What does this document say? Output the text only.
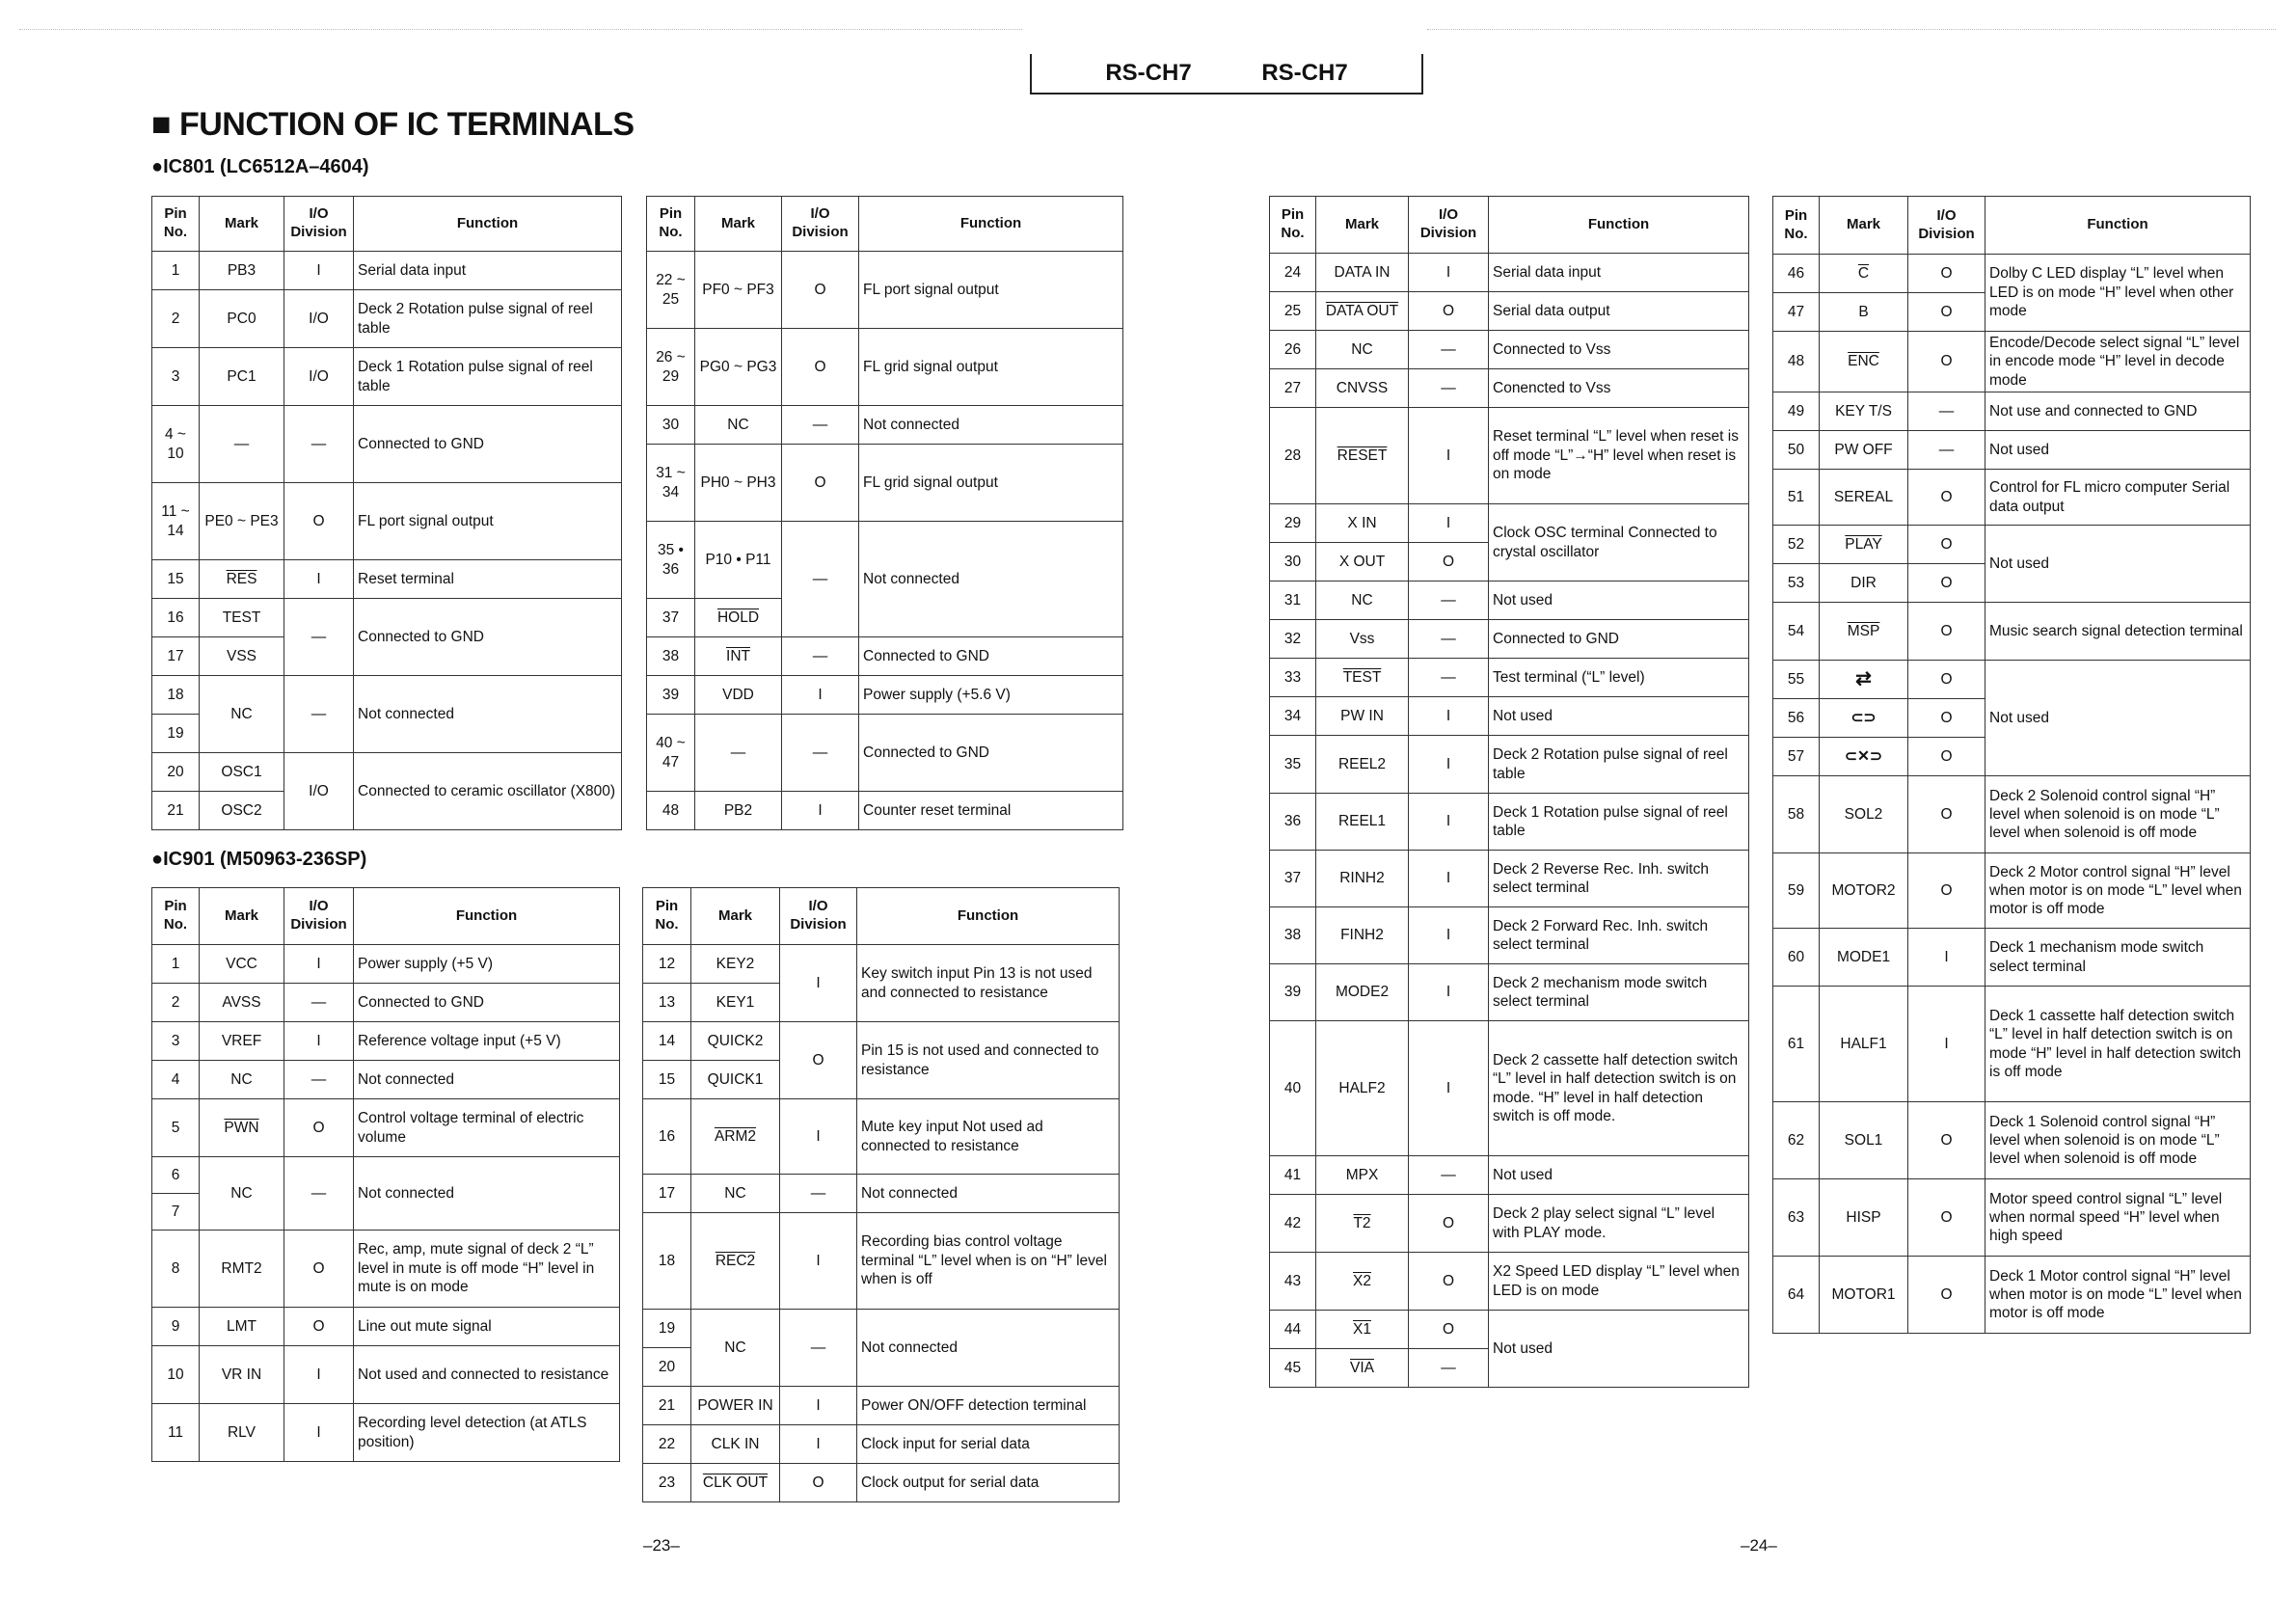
RS-CH7	RS-CH7
■ FUNCTION OF IC TERMINALS
●IC801 (LC6512A–4604)
●IC901 (M50963-236SP)
Pin No.	Mark	I/O Division	Function
1	PB3	I	Serial data input
2	PC0	I/O	Deck 2 Rotation pulse signal of reel table
3	PC1	I/O	Deck 1 Rotation pulse signal of reel table
4 ~ 10	—	—	Connected to GND
11 ~ 14	PE0 ~ PE3	O	FL port signal output
15	$\overline{RES}$	I	Reset terminal
16	TEST	—	Connected to GND
17	VSS		
18	NC	—	Not connected
19			
20	OSC1	I/O	Connected to ceramic oscillator (X800)
21	OSC2		
Pin No.	Mark	I/O Division	Function
22 ~ 25	PF0 ~ PF3	O	FL port signal output
26 ~ 29	PG0 ~ PG3	O	FL grid signal output
30	NC	—	Not connected
31 ~ 34	PH0 ~ PH3	O	FL grid signal output
35 • 36	P10 • P11	—	Not connected
37	HOLD		
38	$\overline{INT}$	—	Connected to GND
39	VDD	I	Power supply (+5.6 V)
40 ~ 47	—	—	Connected to GND
48	PB2	I	Counter reset terminal
Pin No.	Mark	I/O Division	Function
1	VCC	I	Power supply (+5 V)
2	AVSS	—	Connected to GND
3	VREF	I	Reference voltage input (+5 V)
4	NC	—	Not connected
5	$\overline{PWN}$	O	Control voltage terminal of electric volume
6	NC	—	Not connected
7			
8	RMT2	O	Rec, amp, mute signal of deck 2 “L” level in mute is off mode “H” level in mute is on mode
9	LMT	O	Line out mute signal
10	VR IN	I	Not used and connected to resistance
11	RLV	I	Recording level detection (at ATLS position)
Pin No.	Mark	I/O Division	Function
12	KEY2	I	Key switch input Pin 13 is not used and connected to resistance
13	KEY1		
14	QUICK2	O	Pin 15 is not used and connected to resistance
15	QUICK1		
16	ARM2	I	Mute key input Not used ad connected to resistance
17	NC	—	Not connected
18	REC2	I	Recording bias control voltage terminal “L” level when is on “H” level when is off
19	NC	—	Not connected
20			
21	POWER IN	I	Power ON/OFF detection terminal
22	CLK IN	I	Clock input for serial data
23	CLK OUT	O	Clock output for serial data
Pin No.	Mark	I/O Division	Function
24	DATA IN	I	Serial data input
25	DATA OUT	O	Serial data output
26	NC	—	Connected to Vss
27	CNVSS	—	Conencted to Vss
28	RESET	I	Reset terminal “L” level when reset is off mode “L”→“H” level when reset is on mode
29	X IN	I	Clock OSC terminal Connected to crystal oscillator
30	X OUT	O	
31	NC	—	Not used
32	Vss	—	Connected to GND
33	TEST	—	Test terminal (“L” level)
34	PW IN	I	Not used
35	REEL2	I	Deck 2 Rotation pulse signal of reel table
36	REEL1	I	Deck 1 Rotation pulse signal of reel table
37	RINH2	I	Deck 2 Reverse Rec. Inh. switch select terminal
38	FINH2	I	Deck 2 Forward Rec. Inh. switch select terminal
39	MODE2	I	Deck 2 mechanism mode switch select terminal
40	HALF2	I	Deck 2 cassette half detection switch “L” level in half detection switch is on mode. “H” level in half detection switch is off mode.
41	MPX	—	Not used
42	T2	O	Deck 2 play select signal “L” level with PLAY mode.
43	X2	O	X2 Speed LED display “L” level when LED is on mode
44	X1	O	Not used
45	$\overline{VIA}$	—	
Pin No.	Mark	I/O Division	Function
46	$\overline{C}$	O	Dolby C LED display “L” level when LED is on mode “H” level when other mode
47	B	O	
48	$\overline{ENC}$	O	Encode/Decode select signal “L” level in encode mode “H” level in decode mode
49	KEY T/S	—	Not use and connected to GND
50	PW OFF	—	Not used
51	SEREAL	O	Control for FL micro computer Serial data output
52	PLAY	O	Not used
53	DIR	O	
54	$\overline{MSP}$	O	Music search signal detection terminal
55	⇄	O	Not used
56	⊂⊃	O	
57	⊂✕⊃	O	
58	SOL2	O	Deck 2 Solenoid control signal “H” level when solenoid is on mode “L” level when solenoid is off mode
59	MOTOR2	O	Deck 2 Motor control signal “H” level when motor is on mode “L” level when motor is off mode
60	MODE1	I	Deck 1 mechanism mode switch select terminal
61	HALF1	I	Deck 1 cassette half detection switch “L” level in half detection switch is on mode “H” level in half detection switch is off mode
62	SOL1	O	Deck 1 Solenoid control signal “H” level when solenoid is on mode “L” level when solenoid is off mode
63	HISP	O	Motor speed control signal “L” level when normal speed “H” level when high speed
64	MOTOR1	O	Deck 1 Motor control signal “H” level when motor is on mode “L” level when motor is off mode
–23–	–24–
